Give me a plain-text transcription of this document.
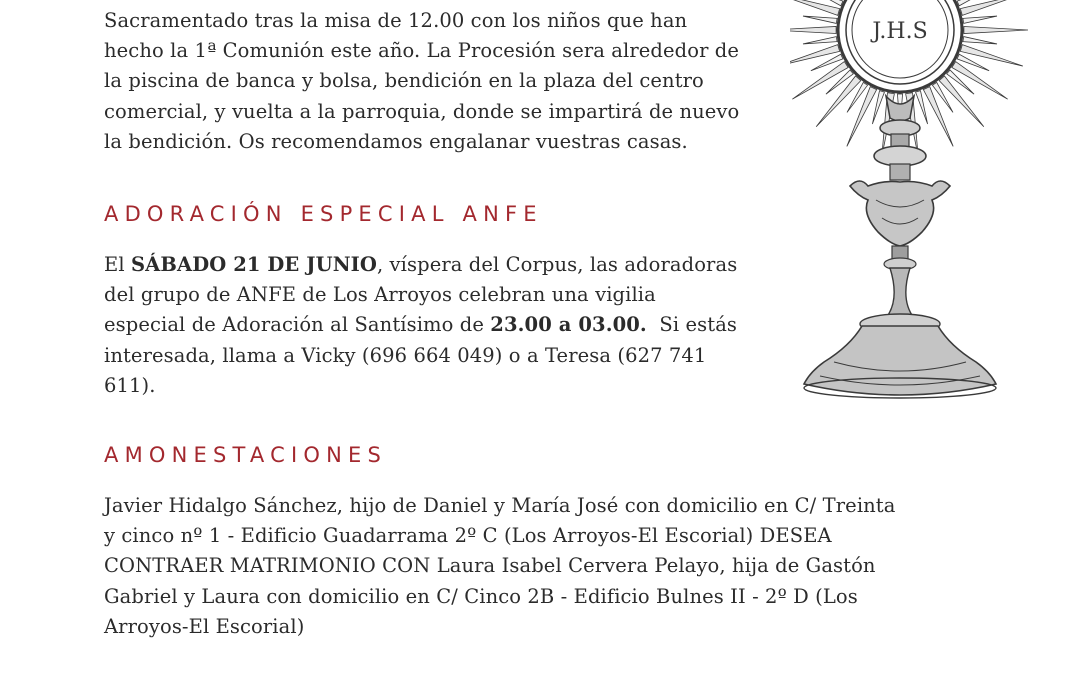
Sacramentado tras la misa de 12.00 con los niños que han
hecho la 1ª Comunión este año. La Procesión sera alrededor de
la piscina de banca y bolsa, bendición en la plaza del centro
comercial, y vuelta a la parroquia, donde se impartirá de nuevo
la bendición. Os recomendamos engalanar vuestras casas.
ADORACIÓN ESPECIAL ANFE
El SÁBADO 21 DE JUNIO, víspera del Corpus, las adoradoras
del grupo de ANFE de Los Arroyos celebran una vigilia
especial de Adoración al Santísimo de 23.00 a 03.00.  Si estás
interesada, llama a Vicky (696 664 049) o a Teresa (627 741
611).
AMONESTACIONES
Javier Hidalgo Sánchez, hijo de Daniel y María José con domicilio en C/ Treinta
y cinco nº 1 - Edificio Guadarrama 2º C (Los Arroyos-El Escorial) DESEA
CONTRAER MATRIMONIO CON Laura Isabel Cervera Pelayo, hija de Gastón
Gabriel y Laura con domicilio en C/ Cinco 2B - Edificio Bulnes II - 2º D (Los
Arroyos-El Escorial)
J.H.S
